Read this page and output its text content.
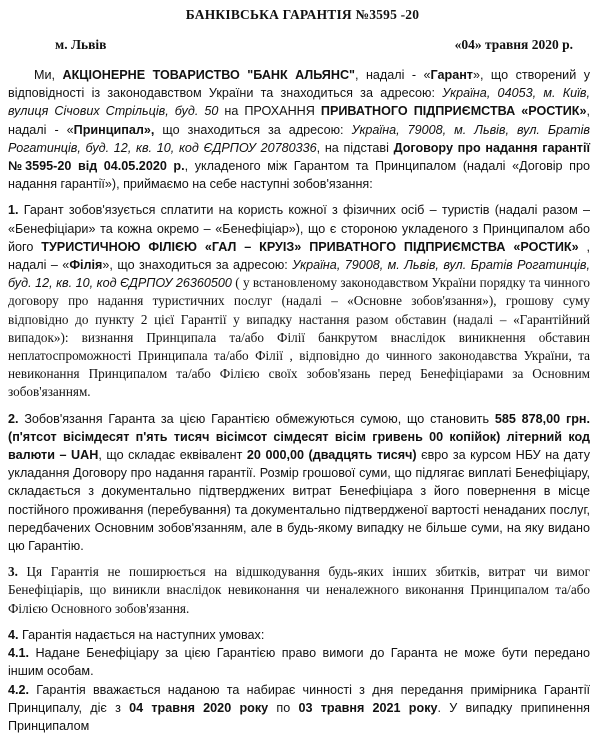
БАНКІВСЬКА ГАРАНТІЯ №3595 -20
м. Львів	«04» травня 2020 р.

Ми, АКЦІОНЕРНЕ ТОВАРИСТВО "БАНК АЛЬЯНС", надалі - «Гарант», що створений у відповідності із законодавством України та знаходиться за адресою: Україна, 04053, м. Київ, вулиця Січових Стрільців, буд. 50 на ПРОХАННЯ ПРИВАТНОГО ПІДПРИЄМСТВА «РОСТИК», надалі - «Принципал», що знаходиться за адресою: Україна, 79008, м. Львів, вул. Братів Рогатинців, буд. 12, кв. 10, код ЄДРПОУ 20780336, на підставі Договору про надання гарантії №3595-20 від 04.05.2020 р., укладеного між Гарантом та Принципалом (надалі «Договір про надання гарантії»), приймаємо на себе наступні зобов'язання:

1. Гарант зобов'язується сплатити на користь кожної з фізичних осіб – туристів (надалі разом – «Бенефіціари» та кожна окремо – «Бенефіціар»), що є стороною укладеного з Принципалом або його ТУРИСТИЧНОЮ ФІЛІЄЮ «ГАЛ – КРУІЗ» ПРИВАТНОГО ПІДПРИЄМСТВА «РОСТИК» , надалі – «Філія», що знаходиться за адресою: Україна, 79008, м. Львів, вул. Братів Рогатинців, буд. 12, кв. 10, код ЄДРПОУ 26360500 ( у встановленому законодавством України порядку та чинного договору про надання туристичних послуг (надалі – «Основне зобов'язання»), грошову суму відповідно до пункту 2 цієї Гарантії у випадку настання разом обставин (надалі – «Гарантійний випадок»): визнання Принципала та/або Філії банкрутом внаслідок виникнення обставин неплатоспроможності Принципала та/або Філії , відповідно до чинного законодавства України, та невиконання Принципалом та/або Філією своїх зобов'язань перед Бенефіціарами за Основним зобов'язанням.

2. Зобов'язання Гаранта за цією Гарантією обмежуються сумою, що становить 585 878,00 грн. (п'ятсот вісімдесят п'ять тисяч вісімсот сімдесят вісім гривень 00 копійок) літерний код валюти – UAH, що складає еквівалент 20 000,00 (двадцять тисяч) євро за курсом НБУ на дату укладання Договору про надання гарантії. Розмір грошової суми, що підлягає виплаті Бенефіціару, складається з документально підтверджених витрат Бенефіціара з його повернення в місце постійного проживання (перебування) та документально підтвердженої вартості ненаданих послуг, передбачених Основним зобов'язанням, але в будь-якому випадку не більше суми, на яку видано цю Гарантію.

3. Ця Гарантія не поширюється на відшкодування будь-яких інших збитків, витрат чи вимог Бенефіціарів, що виникли внаслідок невиконання чи неналежного виконання Принципалом та/або Філією Основного зобов'язання.

4. Гарантія надається на наступних умовах:

4.1. Надане Бенефіціару за цією Гарантією право вимоги до Гаранта не може бути передано іншим особам.

4.2. Гарантія вважається наданою та набирає чинності з дня передання примірника Гарантії Принципалу, діє з 04 травня 2020 року по 03 травня 2021 року. У випадку припинення Принципалом
